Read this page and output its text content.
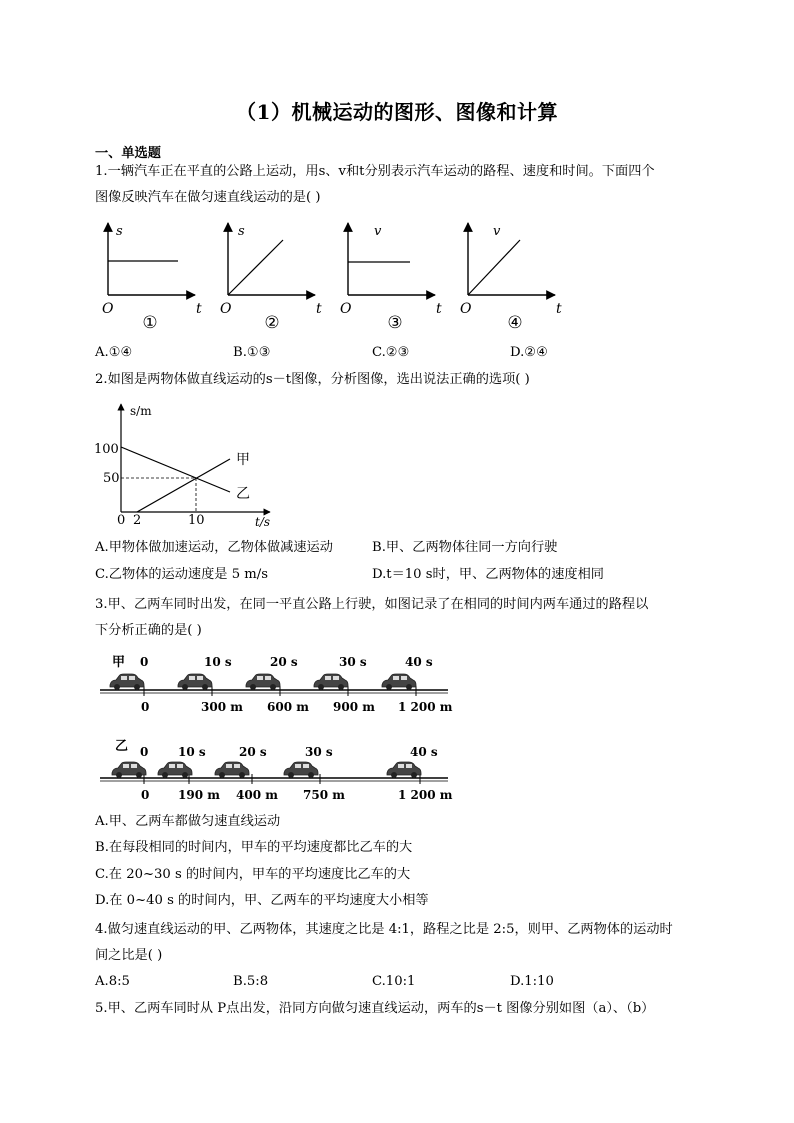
（1）机械运动的图形、图像和计算
一、单选题
1.一辆汽车正在平直的公路上运动，用s、v和t分别表示汽车运动的路程、速度和时间。下面四个
图像反映汽车在做匀速直线运动的是( )
s
t
O
①
s
t
O
②
v
t
O
③
v
t
O
④
A.①④	B.①③	C.②③	D.②④
2.如图是两物体做直线运动的s－t图像，分析图像，选出说法正确的选项( )
s/m
t/s
100
50
0 2	10
甲
乙
A.甲物体做加速运动，乙物体做减速运动	B.甲、乙两物体往同一方向行驶
C.乙物体的运动速度是 5 m/s	D.t＝10 s时，甲、乙两物体的速度相同
3.甲、乙两车同时出发，在同一平直公路上行驶，如图记录了在相同的时间内两车通过的路程以
下分析正确的是( )
甲 0	10 s	20 s	30 s	40 s
0	300 m 600 m 900 m 1 200 m
乙 0 10 s	20 s	30 s	40 s
0 190 m 400 m 750 m	1 200 m
A.甲、乙两车都做匀速直线运动
B.在每段相同的时间内，甲车的平均速度都比乙车的大
C.在 20~30 s 的时间内，甲车的平均速度比乙车的大
D.在 0~40 s 的时间内，甲、乙两车的平均速度大小相等
4.做匀速直线运动的甲、乙两物体，其速度之比是 4:1，路程之比是 2:5，则甲、乙两物体的运动时
间之比是( )
A.8:5	B.5:8	C.10:1	D.1:10
5.甲、乙两车同时从 P点出发，沿同方向做匀速直线运动，两车的s－t 图像分别如图（a）、（b）
